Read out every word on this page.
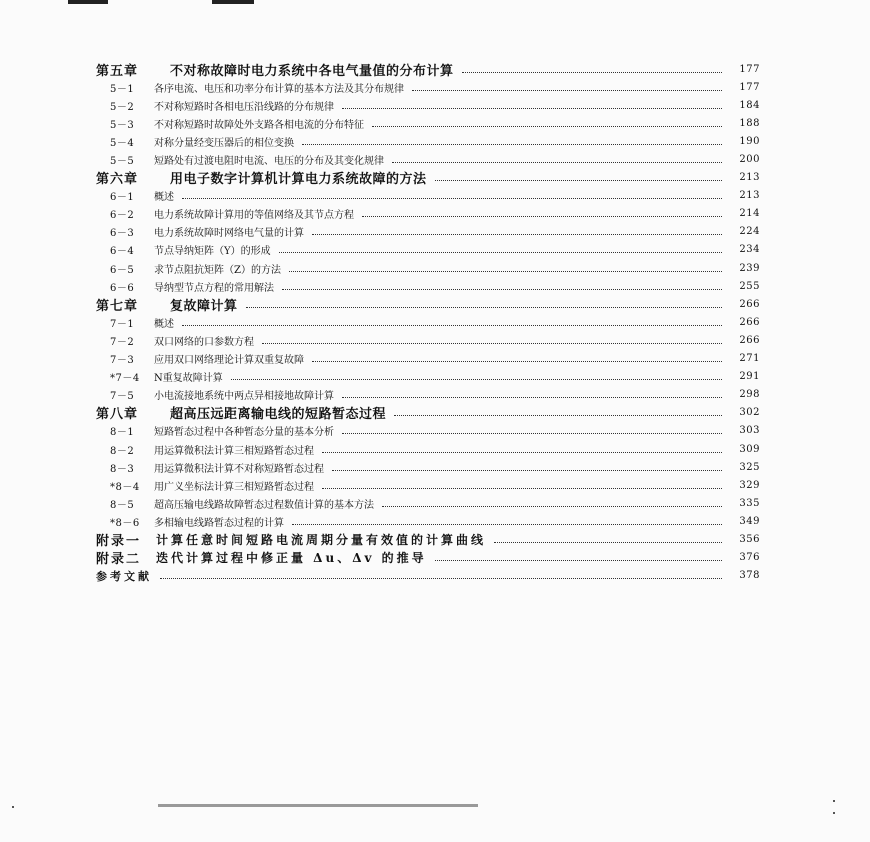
第五章	不对称故障时电力系统中各电气量值的分布计算	177
5－1	各序电流、电压和功率分布计算的基本方法及其分布规律	177
5－2	不对称短路时各相电压沿线路的分布规律	184
5－3	不对称短路时故障处外支路各相电流的分布特征	188
5－4	对称分量经变压器后的相位变换	190
5－5	短路处有过渡电阻时电流、电压的分布及其变化规律	200
第六章	用电子数字计算机计算电力系统故障的方法	213
6－1	概述	213
6－2	电力系统故障计算用的等值网络及其节点方程	214
6－3	电力系统故障时网络电气量的计算	224
6－4	节点导纳矩阵（Y）的形成	234
6－5	求节点阻抗矩阵（Z）的方法	239
6－6	导纳型节点方程的常用解法	255
第七章	复故障计算	266
7－1	概述	266
7－2	双口网络的口参数方程	266
7－3	应用双口网络理论计算双重复故障	271
*7－4	N重复故障计算	291
7－5	小电流接地系统中两点异相接地故障计算	298
第八章	超高压远距离输电线的短路暂态过程	302
8－1	短路暂态过程中各种暂态分量的基本分析	303
8－2	用运算微积法计算三相短路暂态过程	309
8－3	用运算微积法计算不对称短路暂态过程	325
*8－4	用广义坐标法计算三相短路暂态过程	329
8－5	超高压输电线路故障暂态过程数值计算的基本方法	335
*8－6	多相输电线路暂态过程的计算	349
附录一	计算任意时间短路电流周期分量有效值的计算曲线	356
附录二	迭代计算过程中修正量 Δu、Δv 的推导	376
参考文献	378
